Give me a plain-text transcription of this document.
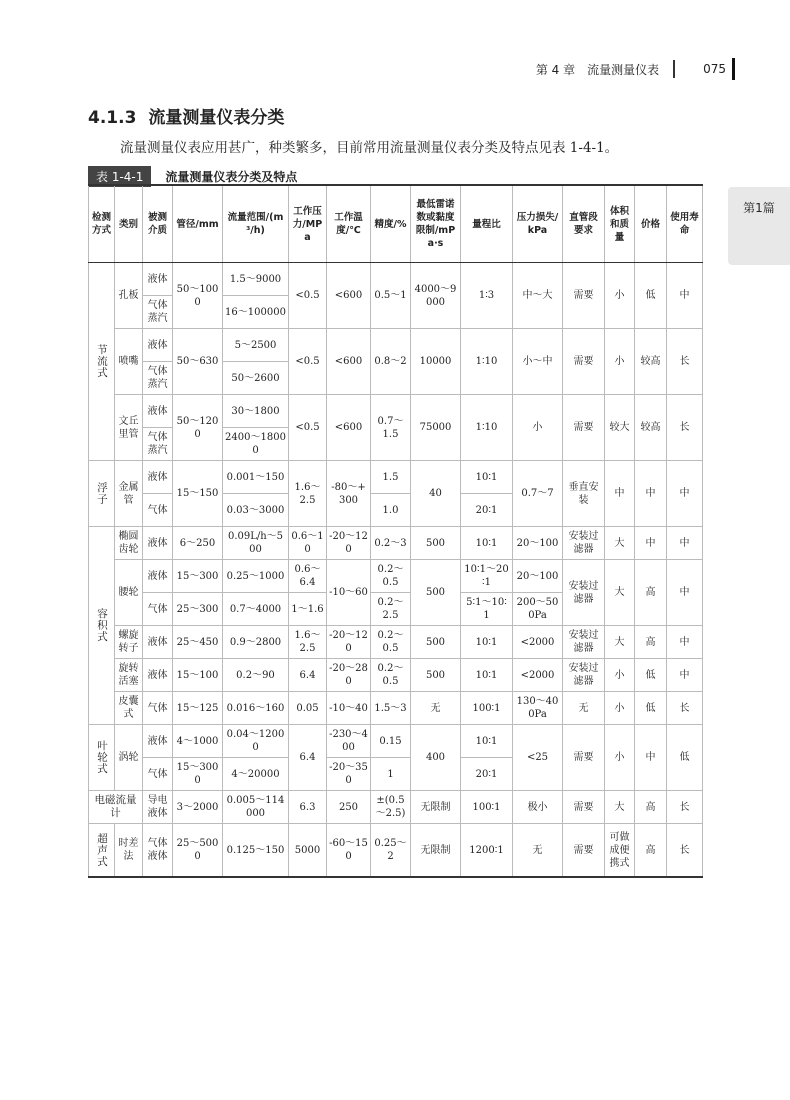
第 4 章　流量测量仪表	075
4.1.3 流量测量仪表分类
流量测量仪表应用甚广，种类繁多，目前常用流量测量仪表分类及特点见表 1-4-1。
表 1-4-1	流量测量仪表分类及特点
第1篇
检测方式	类别	被测介质	管径/mm	流量范围/(m³/h)	工作压力/MPa	工作温度/℃	精度/%	最低雷诺数或黏度限制/mPa·s	量程比	压力损失/kPa	直管段要求	体积和质量	价格	使用寿命

节流式	孔板	液体	50～1000	1.5～9000	<0.5	<600	0.5～1	4000～9000	1∶3	中～大	需要	小	低	中
		气体蒸汽		16～100000										
	喷嘴	液体	50～630	5～2500	<0.5	<600	0.8～2	10000	1∶10	小～中	需要	小	较高	长
		气体蒸汽		50～2600										
	文丘里管	液体	50～1200	30～1800	<0.5	<600	0.7～1.5	75000	1∶10	小	需要	较大	较高	长
		气体蒸汽		2400～18000										

浮子	金属管	液体	15～150	0.001～150	1.6～2.5	-80～+300	1.5	40	10∶1	0.7～7	垂直安装	中	中	中
		气体		0.03～3000			1.0		20∶1					

容积式	椭圆齿轮	液体	6～250	0.09L/h～500	0.6～10	-20～120	0.2～3	500	10∶1	20～100	安装过滤器	大	中	中
	腰轮	液体	15～300	0.25～1000	0.6～6.4	-10～60	0.2～0.5	500	10∶1～20∶1	20～100	安装过滤器	大	高	中
		气体	25～300	0.7～4000	1～1.6		0.2～2.5		5∶1～10∶1	200～500Pa				
	螺旋转子	液体	25～450	0.9～2800	1.6～2.5	-20～120	0.2～0.5	500	10∶1	<2000	安装过滤器	大	高	中
	旋转活塞	液体	15～100	0.2～90	6.4	-20～280	0.2～0.5	500	10∶1	<2000	安装过滤器	小	低	中
	皮囊式	气体	15～125	0.016～160	0.05	-10～40	1.5～3	无	100∶1	130～400Pa	无	小	低	长

叶轮式	涡轮	液体	4～1000	0.04～12000	6.4	-230～400	0.15	400	10∶1	<25	需要	小	中	低
		气体	15～3000	4～20000		-20～350	1		20∶1					
电磁流量计		导电液体	3～2000	0.005～114000	6.3	250	±(0.5～2.5)	无限制	100∶1	极小	需要	大	高	长

超声式	时差法	气体液体	25～5000	0.125～150	5000	-60～150	0.25～2	无限制	1200∶1	无	需要	可做成便携式	高	长
